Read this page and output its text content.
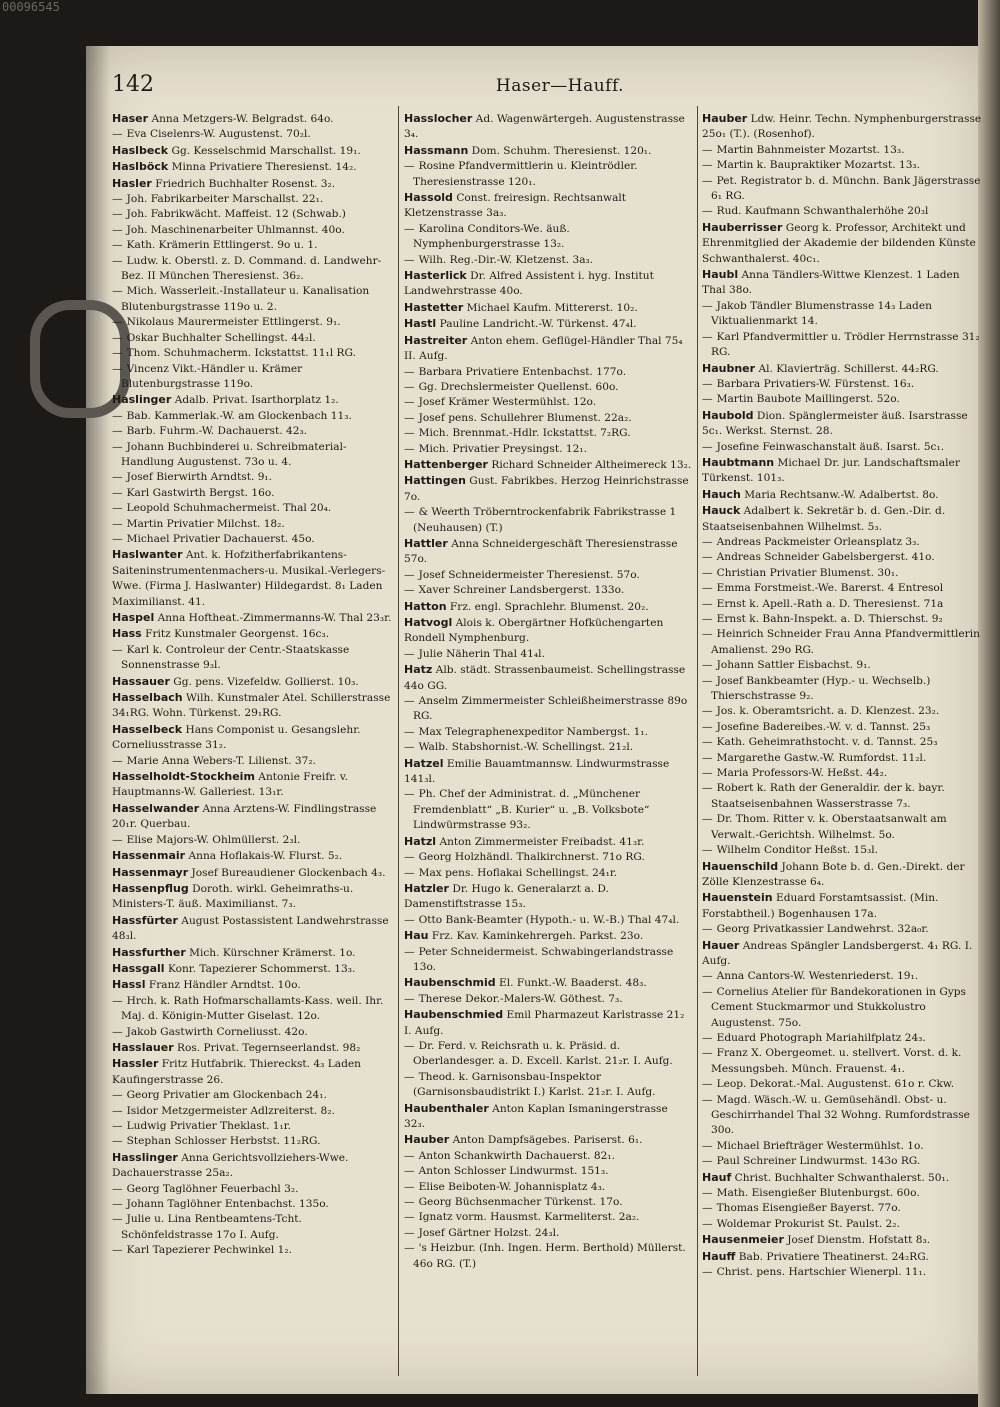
00096545
142	Haser—Hauff.

Haser Anna Metzgers-W. Belgradst. 64o.

— Eva Ciselenrs-W. Augustenst. 70₂l.

Haslbeck Gg. Kesselschmid Marschallst. 19₁.

Haslböck Minna Privatiere Theresienst. 14₂.

Hasler Friedrich Buchhalter Rosenst. 3₂.

— Joh. Fabrikarbeiter Marschallst. 22₁.

— Joh. Fabrikwächt. Maffeist. 12 (Schwab.)

— Joh. Maschinenarbeiter Uhlmannst. 40o.

— Kath. Krämerin Ettlingerst. 9o u. 1.

— Ludw. k. Oberstl. z. D. Command. d. Landwehr-Bez. II München Theresienst. 36₂.

— Mich. Wasserleit.-Installateur u. Kanalisation Blutenburgstrasse 119o u. 2.

— Nikolaus Maurermeister Ettlingerst. 9₁.

— Oskar Buchhalter Schellingst. 44₂l.

— Thom. Schuhmacherm. Ickstattst. 11₁l RG.

— Vincenz Vikt.-Händler u. Krämer Blutenburgstrasse 119o.

Haslinger Adalb. Privat. Isarthorplatz 1₂.

— Bab. Kammerlak.-W. am Glockenbach 11₃.

— Barb. Fuhrm.-W. Dachauerst. 42₃.

— Johann Buchbinderei u. Schreibmaterial-Handlung Augustenst. 73o u. 4.

— Josef Bierwirth Arndtst. 9₁.

— Karl Gastwirth Bergst. 16o.

— Leopold Schuhmachermeist. Thal 20₄.

— Martin Privatier Milchst. 18₂.

— Michael Privatier Dachauerst. 45o.

Haslwanter Ant. k. Hofzitherfabrikantens-Saiteninstrumentenmachers-u. Musikal.-Verlegers-Wwe. (Firma J. Haslwanter) Hildegardst. 8₁ Laden Maximilianst. 41.

Haspel Anna Hoftheat.-Zimmermanns-W. Thal 23₃r.

Hass Fritz Kunstmaler Georgenst. 16c₃.

— Karl k. Controleur der Centr.-Staatskasse Sonnenstrasse 9₃l.

Hassauer Gg. pens. Vizefeldw. Gollierst. 10₃.

Hasselbach Wilh. Kunstmaler Atel. Schillerstrasse 34₁RG. Wohn. Türkenst. 29₁RG.

Hasselbeck Hans Componist u. Gesangslehr. Corneliusstrasse 31₂.

— Marie Anna Webers-T. Lilienst. 37₂.

Hasselholdt-Stockheim Antonie Freifr. v. Hauptmanns-W. Galleriest. 13₁r.

Hasselwander Anna Arztens-W. Findlingstrasse 20₁r. Querbau.

— Elise Majors-W. Ohlmüllerst. 2₃l.

Hassenmair Anna Hoflakais-W. Flurst. 5₂.

Hassenmayr Josef Bureaudiener Glockenbach 4₃.

Hassenpflug Doroth. wirkl. Geheimraths-u. Ministers-T. äuß. Maximilianst. 7₃.

Hassfürter August Postassistent Landwehrstrasse 48₃l.

Hassfurther Mich. Kürschner Krämerst. 1o.

Hassgall Konr. Tapezierer Schommerst. 13₃.

Hassl Franz Händler Arndtst. 10o.

— Hrch. k. Rath Hofmarschallamts-Kass. weil. Ihr. Maj. d. Königin-Mutter Giselast. 12o.

— Jakob Gastwirth Corneliusst. 42o.

Hasslauer Ros. Privat. Tegernseerlandst. 98₂

Hassler Fritz Hutfabrik. Thiereckst. 4₃ Laden Kaufingerstrasse 26.

— Georg Privatier am Glockenbach 24₁.

— Isidor Metzgermeister Adlzreiterst. 8₂.

— Ludwig Privatier Theklast. 1₁r.

— Stephan Schlosser Herbstst. 11₂RG.

Hasslinger Anna Gerichtsvollziehers-Wwe. Dachauerstrasse 25a₂.

— Georg Taglöhner Feuerbachl 3₂.

— Johann Taglöhner Entenbachst. 135o.

— Julie u. Lina Rentbeamtens-Tcht. Schönfeldstrasse 17o I. Aufg.

— Karl Tapezierer Pechwinkel 1₂.

Hasslocher Ad. Wagenwärtergeh. Augustenstrasse 3₄.

Hassmann Dom. Schuhm. Theresienst. 120₁.

— Rosine Pfandvermittlerin u. Kleintrödler. Theresienstrasse 120₁.

Hassold Const. freiresign. Rechtsanwalt Kletzenstrasse 3a₃.

— Karolina Conditors-We. äuß. Nymphenburgerstrasse 13₂.

— Wilh. Reg.-Dir.-W. Kletzenst. 3a₃.

Hasterlick Dr. Alfred Assistent i. hyg. Institut Landwehrstrasse 40o.

Hastetter Michael Kaufm. Mittererst. 10₂.

Hastl Pauline Landricht.-W. Türkenst. 47₄l.

Hastreiter Anton ehem. Geflügel-Händler Thal 75₄ II. Aufg.

— Barbara Privatiere Entenbachst. 177o.

— Gg. Drechslermeister Quellenst. 60o.

— Josef Krämer Westermühlst. 12o.

— Josef pens. Schullehrer Blumenst. 22a₂.

— Mich. Brennmat.-Hdlr. Ickstattst. 7₂RG.

— Mich. Privatier Preysingst. 12₁.

Hattenberger Richard Schneider Altheimereck 13₂.

Hattingen Gust. Fabrikbes. Herzog Heinrichstrasse 7o.

— & Weerth Tröberntrockenfabrik Fabrikstrasse 1 (Neuhausen) (T.)

Hattler Anna Schneidergeschäft Theresienstrasse 57o.

— Josef Schneidermeister Theresienst. 57o.

— Xaver Schreiner Landsbergerst. 133o.

Hatton Frz. engl. Sprachlehr. Blumenst. 20₂.

Hatvogl Alois k. Obergärtner Hofküchengarten Rondell Nymphenburg.

— Julie Näherin Thal 41₄l.

Hatz Alb. städt. Strassenbaumeist. Schellingstrasse 44o GG.

— Anselm Zimmermeister Schleißheimerstrasse 89o RG.

— Max Telegraphenexpeditor Nambergst. 1₁.

— Walb. Stabshornist.-W. Schellingst. 21₂l.

Hatzel Emilie Bauamtmannsw. Lindwurmstrasse 141₃l.

— Ph. Chef der Administrat. d. „Münchener Fremdenblatt“ „B. Kurier“ u. „B. Volksbote“ Lindwürmstrasse 93₂.

Hatzl Anton Zimmermeister Freibadst. 41₃r.

— Georg Holzhändl. Thalkirchnerst. 71o RG.

— Max pens. Hoflakai Schellingst. 24₁r.

Hatzler Dr. Hugo k. Generalarzt a. D. Damenstiftstrasse 15₃.

— Otto Bank-Beamter (Hypoth.- u. W.-B.) Thal 47₄l.

Hau Frz. Kav. Kaminkehrergeh. Parkst. 23o.

— Peter Schneidermeist. Schwabingerlandstrasse 13o.

Haubenschmid El. Funkt.-W. Baaderst. 48₃.

— Therese Dekor.-Malers-W. Göthest. 7₃.

Haubenschmied Emil Pharmazeut Karlstrasse 21₂ I. Aufg.

— Dr. Ferd. v. Reichsrath u. k. Präsid. d. Oberlandesger. a. D. Excell. Karlst. 21₂r. I. Aufg.

— Theod. k. Garnisonsbau-Inspektor (Garnisonsbaudistrikt I.) Karlst. 21₂r. I. Aufg.

Haubenthaler Anton Kaplan Ismaningerstrasse 32₃.

Hauber Anton Dampfsägebes. Pariserst. 6₁.

— Anton Schankwirth Dachauerst. 82₁.

— Anton Schlosser Lindwurmst. 151₃.

— Elise Beiboten-W. Johannisplatz 4₃.

— Georg Büchsenmacher Türkenst. 17o.

— Ignatz vorm. Hausmst. Karmeliterst. 2a₂.

— Josef Gärtner Holzst. 24₃l.

— 's Heizbur. (Inh. Ingen. Herm. Berthold) Müllerst. 46o RG. (T.)

Hauber Ldw. Heinr. Techn. Nymphenburgerstrasse 25o₁ (T.). (Rosenhof).

— Martin Bahnmeister Mozartst. 13₃.

— Martin k. Baupraktiker Mozartst. 13₃.

— Pet. Registrator b. d. Münchn. Bank Jägerstrasse 6₁ RG.

— Rud. Kaufmann Schwanthalerhöhe 20₃l

Hauberrisser Georg k. Professor, Architekt und Ehrenmitglied der Akademie der bildenden Künste Schwanthalerst. 40c₁.

Haubl Anna Tändlers-Wittwe Klenzest. 1 Laden Thal 38o.

— Jakob Tändler Blumenstrasse 14₃ Laden Viktualienmarkt 14.

— Karl Pfandvermittler u. Trödler Herrnstrasse 31₂ RG.

Haubner Al. Klavierträg. Schillerst. 44₂RG.

— Barbara Privatiers-W. Fürstenst. 16₃.

— Martin Baubote Maillingerst. 52o.

Haubold Dion. Spänglermeister äuß. Isarstrasse 5c₁. Werkst. Sternst. 28.

— Josefine Feinwaschanstalt äuß. Isarst. 5c₁.

Haubtmann Michael Dr. jur. Landschaftsmaler Türkenst. 101₃.

Hauch Maria Rechtsanw.-W. Adalbertst. 8o.

Hauck Adalbert k. Sekretär b. d. Gen.-Dir. d. Staatseisenbahnen Wilhelmst. 5₃.

— Andreas Packmeister Orleansplatz 3₃.

— Andreas Schneider Gabelsbergerst. 41o.

— Christian Privatier Blumenst. 30₁.

— Emma Forstmeist.-We. Barerst. 4 Entresol

— Ernst k. Apell.-Rath a. D. Theresienst. 71a

— Ernst k. Bahn-Inspekt. a. D. Thierschst. 9₂

— Heinrich Schneider Frau Anna Pfandvermittlerin Amalienst. 29o RG.

— Johann Sattler Eisbachst. 9₁.

— Josef Bankbeamter (Hyp.- u. Wechselb.) Thierschstrasse 9₂.

— Jos. k. Oberamtsricht. a. D. Klenzest. 23₂.

— Josefine Badereibes.-W. v. d. Tannst. 25₃

— Kath. Geheimrathstocht. v. d. Tannst. 25₃

— Margarethe Gastw.-W. Rumfordst. 11₂l.

— Maria Professors-W. Heßst. 44₂.

— Robert k. Rath der Generaldir. der k. bayr. Staatseisenbahnen Wasserstrasse 7₃.

— Dr. Thom. Ritter v. k. Oberstaatsanwalt am Verwalt.-Gerichtsh. Wilhelmst. 5o.

— Wilhelm Conditor Heßst. 15₃l.

Hauenschild Johann Bote b. d. Gen.-Direkt. der Zölle Klenzestrasse 6₄.

Hauenstein Eduard Forstamtsassist. (Min. Forstabtheil.) Bogenhausen 17a.

— Georg Privatkassier Landwehrst. 32a₀r.

Hauer Andreas Spängler Landsbergerst. 4₁ RG. I. Aufg.

— Anna Cantors-W. Westenriederst. 19₁.

— Cornelius Atelier für Bandekorationen in Gyps Cement Stuckmarmor und Stukkolustro Augustenst. 75o.

— Eduard Photograph Mariahilfplatz 24₃.

— Franz X. Obergeomet. u. stellvert. Vorst. d. k. Messungsbeh. Münch. Frauenst. 4₁.

— Leop. Dekorat.-Mal. Augustenst. 61o r. Ckw.

— Magd. Wäsch.-W. u. Gemüsehändl. Obst- u. Geschirrhandel Thal 32 Wohng. Rumfordstrasse 30o.

— Michael Briefträger Westermühlst. 1o.

— Paul Schreiner Lindwurmst. 143o RG.

Hauf Christ. Buchhalter Schwanthalerst. 50₁.

— Math. Eisengießer Blutenburgst. 60o.

— Thomas Eisengießer Bayerst. 77o.

— Woldemar Prokurist St. Paulst. 2₂.

Hausenmeier Josef Dienstm. Hofstatt 8₃.

Hauff Bab. Privatiere Theatinerst. 24₂RG.

— Christ. pens. Hartschier Wienerpl. 11₁.
